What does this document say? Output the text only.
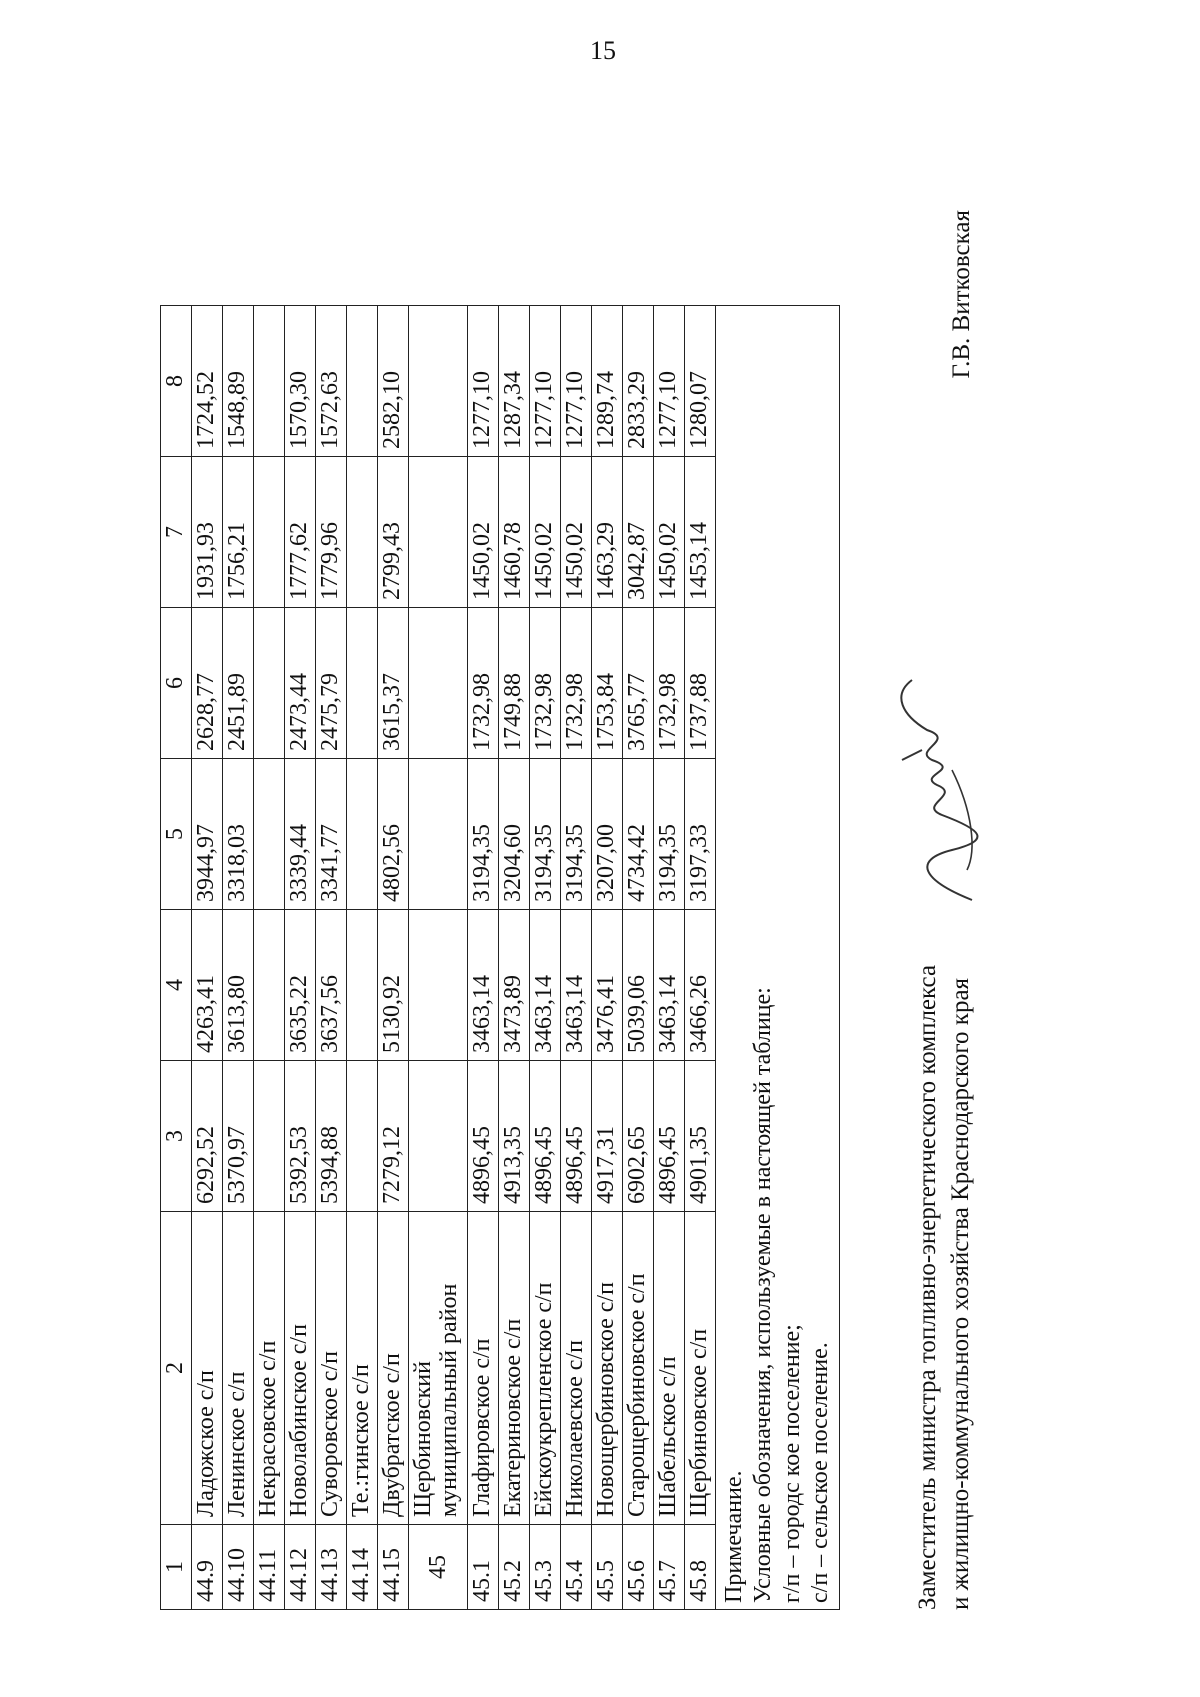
15
1	2	3	4	5	6	7	8
44.9	Ладожское с/п	6292,52	4263,41	3944,97	2628,77	1931,93	1724,52
44.10	Ленинское с/п	5370,97	3613,80	3318,03	2451,89	1756,21	1548,89
44.11	Некрасовское с/п						
44.12	Новолабинское с/п	5392,53	3635,22	3339,44	2473,44	1777,62	1570,30
44.13	Суворовское с/п	5394,88	3637,56	3341,77	2475,79	1779,96	1572,63
44.14	Те.:гинское с/п						
44.15	Двубратское с/п	7279,12	5130,92	4802,56	3615,37	2799,43	2582,10
45	Щербиновский муниципальный район						
45.1	Глафировское с/п	4896,45	3463,14	3194,35	1732,98	1450,02	1277,10
45.2	Екатериновское с/п	4913,35	3473,89	3204,60	1749,88	1460,78	1287,34
45.3	Ейскоукрепленское с/п	4896,45	3463,14	3194,35	1732,98	1450,02	1277,10
45.4	Николаевское с/п	4896,45	3463,14	3194,35	1732,98	1450,02	1277,10
45.5	Новощербиновское с/п	4917,31	3476,41	3207,00	1753,84	1463,29	1289,74
45.6	Старощербиновское с/п	6902,65	5039,06	4734,42	3765,77	3042,87	2833,29
45.7	Шабельское с/п	4896,45	3463,14	3194,35	1732,98	1450,02	1277,10
45.8	Щербиновское с/п	4901,35	3466,26	3197,33	1737,88	1453,14	1280,07

Примечание. Условные обозначения, используемые в настоящей таблице: г/п – городс кое поселение; с/п – сельское поселение.								Заместитель министра топливно-энергетического комплекса и жилищно-коммунального хозяйства Краснодарского края
Г.В. Витковская
